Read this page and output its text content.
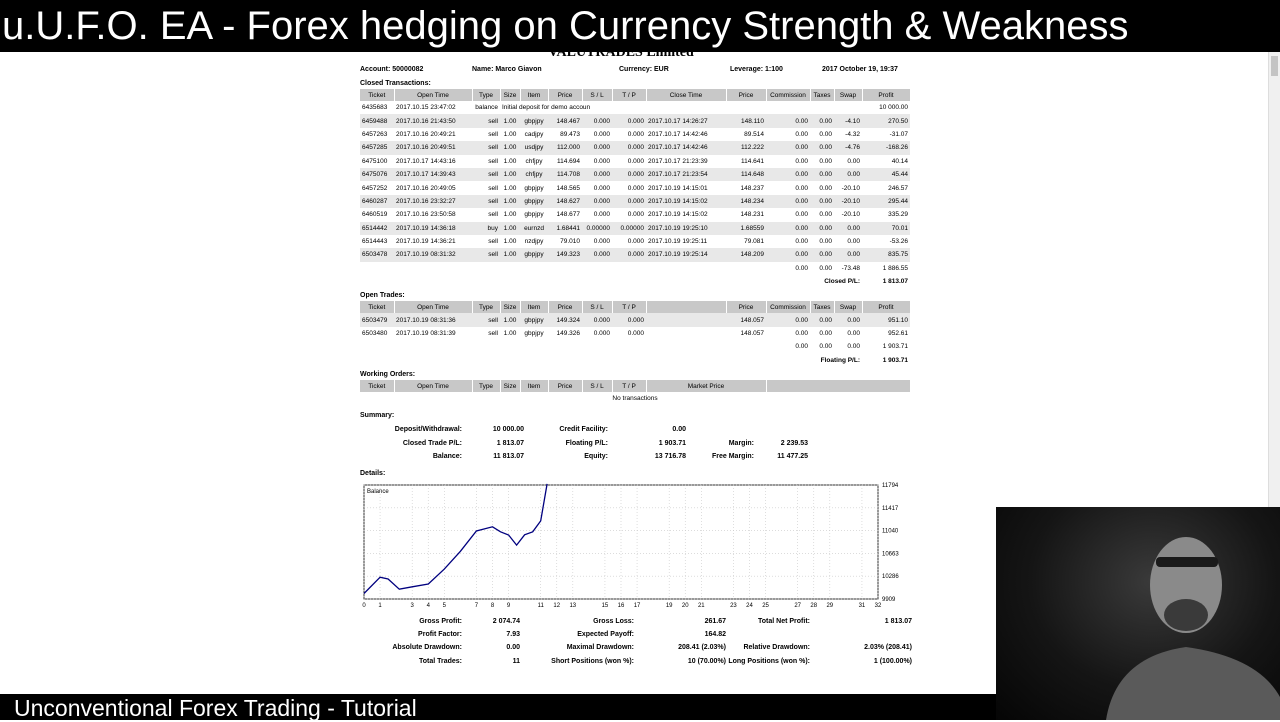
u.U.F.O. EA - Forex hedging on Currency Strength & Weakness
VALUTRADES Limited
Account: 50000082	Name: Marco Giavon	Currency: EUR	Leverage: 1:100	2017 October 19, 19:37
Closed Transactions:
Ticket	Open Time	Type	Size	Item	Price	S / L	T / P	Close Time	Price	Commission	Taxes	Swap	Profit
6435683	2017.10.15 23:47:02	balance	Initial deposit for demo accoun										10 000.00
6459488	2017.10.16 21:43:50	sell	1.00	gbpjpy	148.467	0.000	0.000	2017.10.17 14:26:27	148.110	0.00	0.00	-4.10	270.50
6457263	2017.10.16 20:49:21	sell	1.00	cadjpy	89.473	0.000	0.000	2017.10.17 14:42:46	89.514	0.00	0.00	-4.32	-31.07
6457285	2017.10.16 20:49:51	sell	1.00	usdjpy	112.000	0.000	0.000	2017.10.17 14:42:46	112.222	0.00	0.00	-4.76	-168.26
6475100	2017.10.17 14:43:16	sell	1.00	chfjpy	114.694	0.000	0.000	2017.10.17 21:23:39	114.641	0.00	0.00	0.00	40.14
6475076	2017.10.17 14:39:43	sell	1.00	chfjpy	114.708	0.000	0.000	2017.10.17 21:23:54	114.648	0.00	0.00	0.00	45.44
6457252	2017.10.16 20:49:05	sell	1.00	gbpjpy	148.565	0.000	0.000	2017.10.19 14:15:01	148.237	0.00	0.00	-20.10	246.57
6460287	2017.10.16 23:32:27	sell	1.00	gbpjpy	148.627	0.000	0.000	2017.10.19 14:15:02	148.234	0.00	0.00	-20.10	295.44
6460519	2017.10.16 23:50:58	sell	1.00	gbpjpy	148.677	0.000	0.000	2017.10.19 14:15:02	148.231	0.00	0.00	-20.10	335.29
6514442	2017.10.19 14:36:18	buy	1.00	eurnzd	1.68441	0.00000	0.00000	2017.10.19 19:25:10	1.68559	0.00	0.00	0.00	70.01
6514443	2017.10.19 14:36:21	sell	1.00	nzdjpy	79.010	0.000	0.000	2017.10.19 19:25:11	79.081	0.00	0.00	0.00	-53.26
6503478	2017.10.19 08:31:32	sell	1.00	gbpjpy	149.323	0.000	0.000	2017.10.19 19:25:14	148.209	0.00	0.00	0.00	835.75
										0.00	0.00	-73.48	1 886.55
										Closed P/L:			1 813.07
Open Trades:
Ticket	Open Time	Type	Size	Item	Price	S / L	T / P		Price	Commission	Taxes	Swap	Profit
6503479	2017.10.19 08:31:36	sell	1.00	gbpjpy	149.324	0.000	0.000		148.057	0.00	0.00	0.00	951.10
6503480	2017.10.19 08:31:39	sell	1.00	gbpjpy	149.326	0.000	0.000		148.057	0.00	0.00	0.00	952.61
										0.00	0.00	0.00	1 903.71
										Floating P/L:			1 903.71
Working Orders:
Ticket	Open Time	Type	Size	Item	Price	S / L	T / P	Market Price	
No transactions
Summary:
Deposit/Withdrawal:	10 000.00	Credit Facility:	0.00
Closed Trade P/L:	1 813.07	Floating P/L:	1 903.71	Margin:	2 239.53
Balance:	11 813.07	Equity:	13 716.78	Free Margin:	11 477.25
Details:
0 1	3 4 5	7 8 9	11 12 13	15 16 17	19 20 21	23 24 25	27 28 29	31 32
11794
11417
11040
10663
10286
9909
Balance
Gross Profit:	2 074.74	Gross Loss:	261.67	Total Net Profit:	1 813.07
Profit Factor:	7.93	Expected Payoff:	164.82
Absolute Drawdown:	0.00	Maximal Drawdown:	208.41 (2.03%)	Relative Drawdown:	2.03% (208.41)
Total Trades:	11	Short Positions (won %):	10 (70.00%) Long Positions (won %):	1 (100.00%)
Unconventional Forex Trading - Tutorial
